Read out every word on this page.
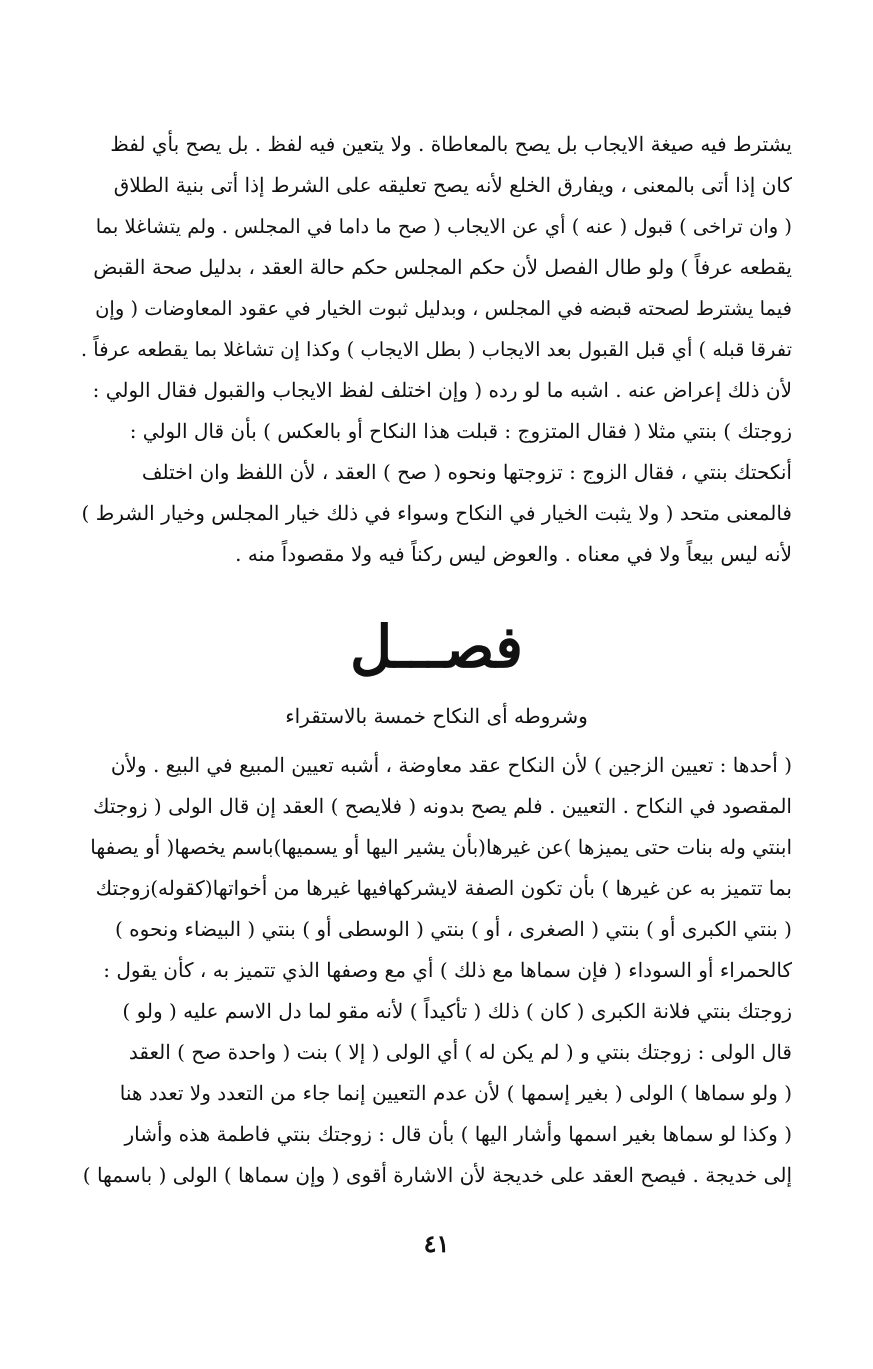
يشترط فيه صيغة الايجاب بل يصح بالمعاطاة . ولا يتعين فيه لفظ . بل يصح بأي لفظ
كان إذا أتى بالمعنى ، ويفارق الخلع لأنه يصح تعليقه على الشرط إذا أتى بنية الطلاق
( وان تراخى ) قبول ( عنه ) أي عن الايجاب ( صح ما داما في المجلس . ولم يتشاغلا بما
يقطعه عرفاً ) ولو طال الفصل لأن حكم المجلس حكم حالة العقد ، بدليل صحة القبض
فيما يشترط لصحته قبضه في المجلس ، وبدليل ثبوت الخيار في عقود المعاوضات ( وإن
تفرقا قبله ) أي قبل القبول بعد الايجاب ( بطل الايجاب ) وكذا إن تشاغلا بما يقطعه عرفاً .
لأن ذلك إعراض عنه . اشبه ما لو رده ( وإن اختلف لفظ الايجاب والقبول فقال الولي :
زوجتك ) بنتي مثلا ( فقال المتزوج : قبلت هذا النكاح أو بالعكس ) بأن قال الولي :
أنكحتك بنتي ، فقال الزوج : تزوجتها ونحوه ( صح ) العقد ، لأن اللفظ وان اختلف
فالمعنى متحد ( ولا يثبت الخيار في النكاح وسواء في ذلك خيار المجلس وخيار الشرط )
لأنه ليس بيعاً ولا في معناه . والعوض ليس ركناً فيه ولا مقصوداً منه .
فصـــل
وشروطه أى النكاح خمسة بالاستقراء
( أحدها : تعيين الزجين ) لأن النكاح عقد معاوضة ، أشبه تعيين المبيع في البيع . ولأن
المقصود في النكاح . التعيين . فلم يصح بدونه ( فلايصح ) العقد إن قال الولى ( زوجتك
ابنتي وله بنات حتى يميزها )عن غيرها(بأن يشير اليها أو يسميها)باسم يخصها( أو يصفها
بما تتميز به عن غيرها ) بأن تكون الصفة لايشركهافيها غيرها من أخواتها(كقوله)زوجتك
( بنتي الكبرى أو ) بنتي ( الصغرى ، أو ) بنتي ( الوسطى أو ) بنتي ( البيضاء ونحوه )
كالحمراء أو السوداء ( فإن سماها مع ذلك ) أي مع وصفها الذي تتميز به ، كأن يقول :
زوجتك بنتي فلانة الكبرى ( كان ) ذلك ( تأكيداً ) لأنه مقو لما دل الاسم عليه ( ولو )
قال الولى : زوجتك بنتي و ( لم يكن له ) أي الولى ( إلا ) بنت ( واحدة صح ) العقد
( ولو سماها ) الولى ( بغير إسمها ) لأن عدم التعيين إنما جاء من التعدد ولا تعدد هنا
( وكذا لو سماها بغير اسمها وأشار اليها ) بأن قال : زوجتك بنتي فاطمة هذه وأشار
إلى خديجة . فيصح العقد على خديجة لأن الاشارة أقوى ( وإن سماها ) الولى ( باسمها )
٤١
